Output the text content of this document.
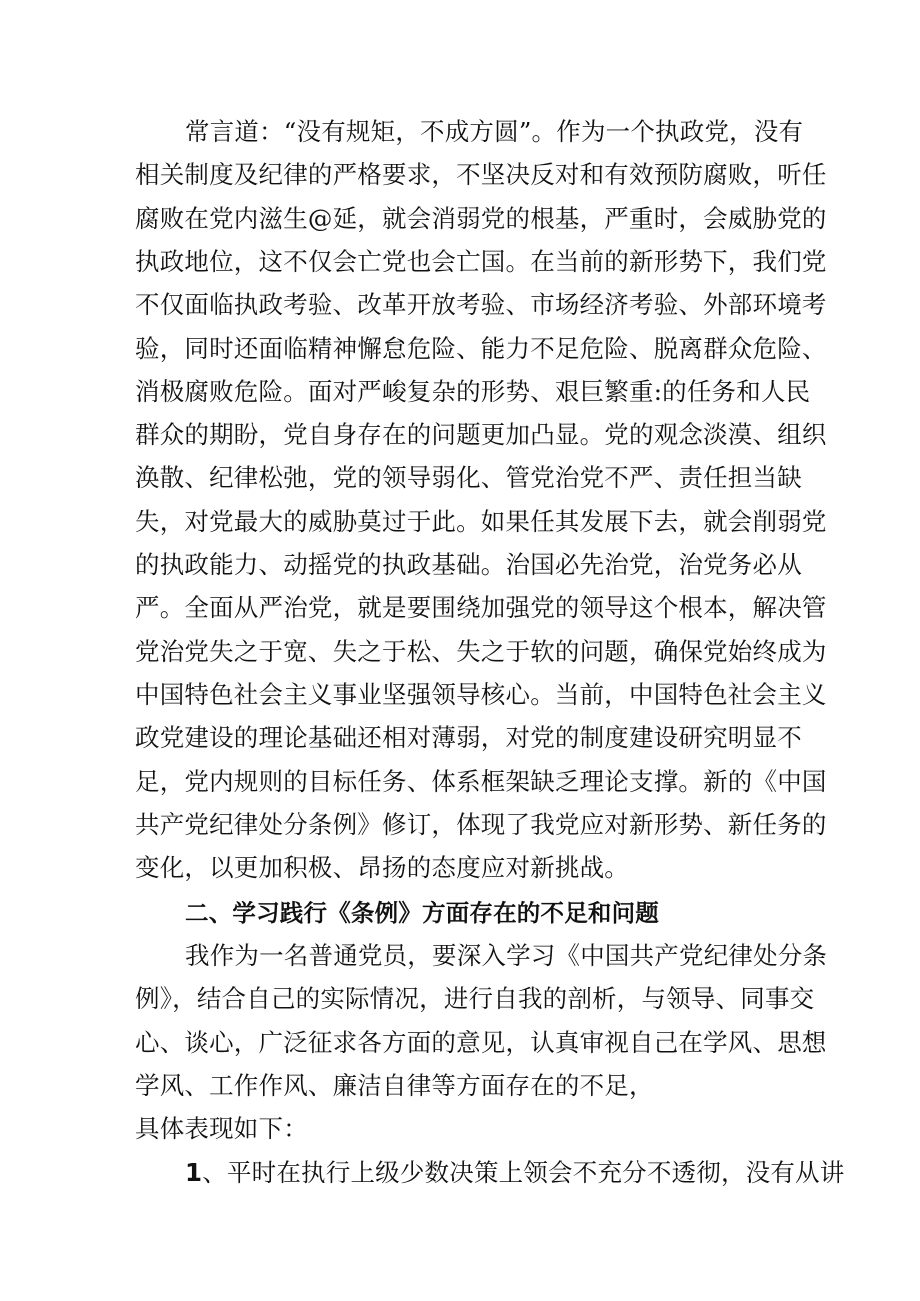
常言道：“没有规矩，不成方圆”。作为一个执政党，没有
相关制度及纪律的严格要求，不坚决反对和有效预防腐败，听任
腐败在党内滋生@延，就会消弱党的根基，严重时，会威胁党的
执政地位，这不仅会亡党也会亡国。在当前的新形势下，我们党
不仅面临执政考验、改革开放考验、市场经济考验、外部环境考
验，同时还面临精神懈怠危险、能力不足危险、脱离群众危险、
消极腐败危险。面对严峻复杂的形势、艰巨繁重:的任务和人民
群众的期盼，党自身存在的问题更加凸显。党的观念淡漠、组织
涣散、纪律松弛，党的领导弱化、管党治党不严、责任担当缺
失，对党最大的威胁莫过于此。如果任其发展下去，就会削弱党
的执政能力、动摇党的执政基础。治国必先治党，治党务必从
严。全面从严治党，就是要围绕加强党的领导这个根本，解决管
党治党失之于宽、失之于松、失之于软的问题，确保党始终成为
中国特色社会主义事业坚强领导核心。当前，中国特色社会主义
政党建设的理论基础还相对薄弱，对党的制度建设研究明显不
足，党内规则的目标任务、体系框架缺乏理论支撑。新的《中国
共产党纪律处分条例》修订，体现了我党应对新形势、新任务的
变化，以更加积极、昂扬的态度应对新挑战。
二、学习践行《条例》方面存在的不足和问题
我作为一名普通党员，要深入学习《中国共产党纪律处分条
例》，结合自己的实际情况，进行自我的剖析，与领导、同事交
心、谈心，广泛征求各方面的意见，认真审视自己在学风、思想
学风、工作作风、廉洁自律等方面存在的不足，
具体表现如下：
1、平时在执行上级少数决策上领会不充分不透彻，没有从讲
